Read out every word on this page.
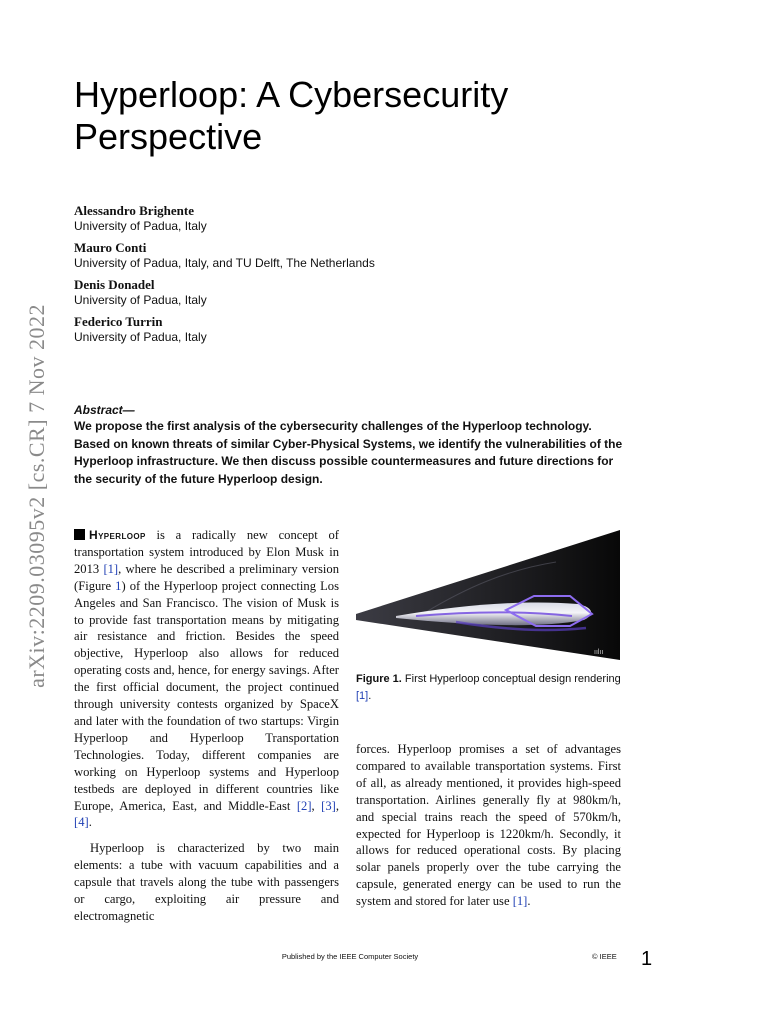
arXiv:2209.03095v2 [cs.CR] 7 Nov 2022
Hyperloop: A Cybersecurity Perspective
Alessandro Brighente
University of Padua, Italy
Mauro Conti
University of Padua, Italy, and TU Delft, The Netherlands
Denis Donadel
University of Padua, Italy
Federico Turrin
University of Padua, Italy
Abstract—
We propose the first analysis of the cybersecurity challenges of the Hyperloop technology. Based on known threats of similar Cyber-Physical Systems, we identify the vulnerabilities of the Hyperloop infrastructure. We then discuss possible countermeasures and future directions for the security of the future Hyperloop design.

Hyperloop is a radically new concept of transportation system introduced by Elon Musk in 2013 [1], where he described a preliminary version (Figure 1) of the Hyperloop project connecting Los Angeles and San Francisco. The vision of Musk is to provide fast transportation means by mitigating air resistance and friction. Besides the speed objective, Hyperloop also allows for reduced operating costs and, hence, for energy savings. After the first official document, the project continued through university contests organized by SpaceX and later with the foundation of two startups: Virgin Hyperloop and Hyperloop Transportation Technologies. Today, different companies are working on Hyperloop systems and Hyperloop testbeds are deployed in different countries like Europe, America, East, and Middle-East [2], [3], [4].

Hyperloop is characterized by two main elements: a tube with vacuum capabilities and a capsule that travels along the tube with passengers or cargo, exploiting air pressure and electromagnetic

ıılıı
Figure 1. First Hyperloop conceptual design rendering [1].

forces. Hyperloop promises a set of advantages compared to available transportation systems. First of all, as already mentioned, it provides high-speed transportation. Airlines generally fly at 980km/h, and special trains reach the speed of 570km/h, expected for Hyperloop is 1220km/h. Secondly, it allows for reduced operational costs. By placing solar panels properly over the tube carrying the capsule, generated energy can be used to run the system and stored for later use [1].

Published by the IEEE Computer Society	© IEEE 1
